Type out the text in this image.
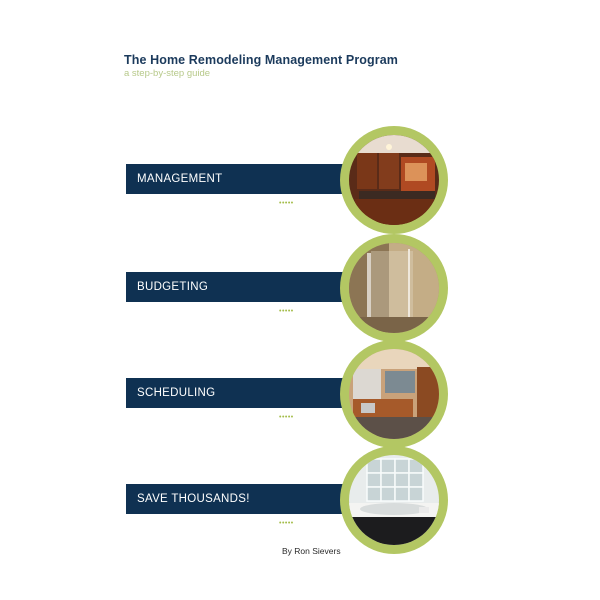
The Home Remodeling Management Program
a step-by-step guide
MANAGEMENT
•••••
BUDGETING
•••••
SCHEDULING
•••••
SAVE THOUSANDS!
•••••
By Ron Sievers
